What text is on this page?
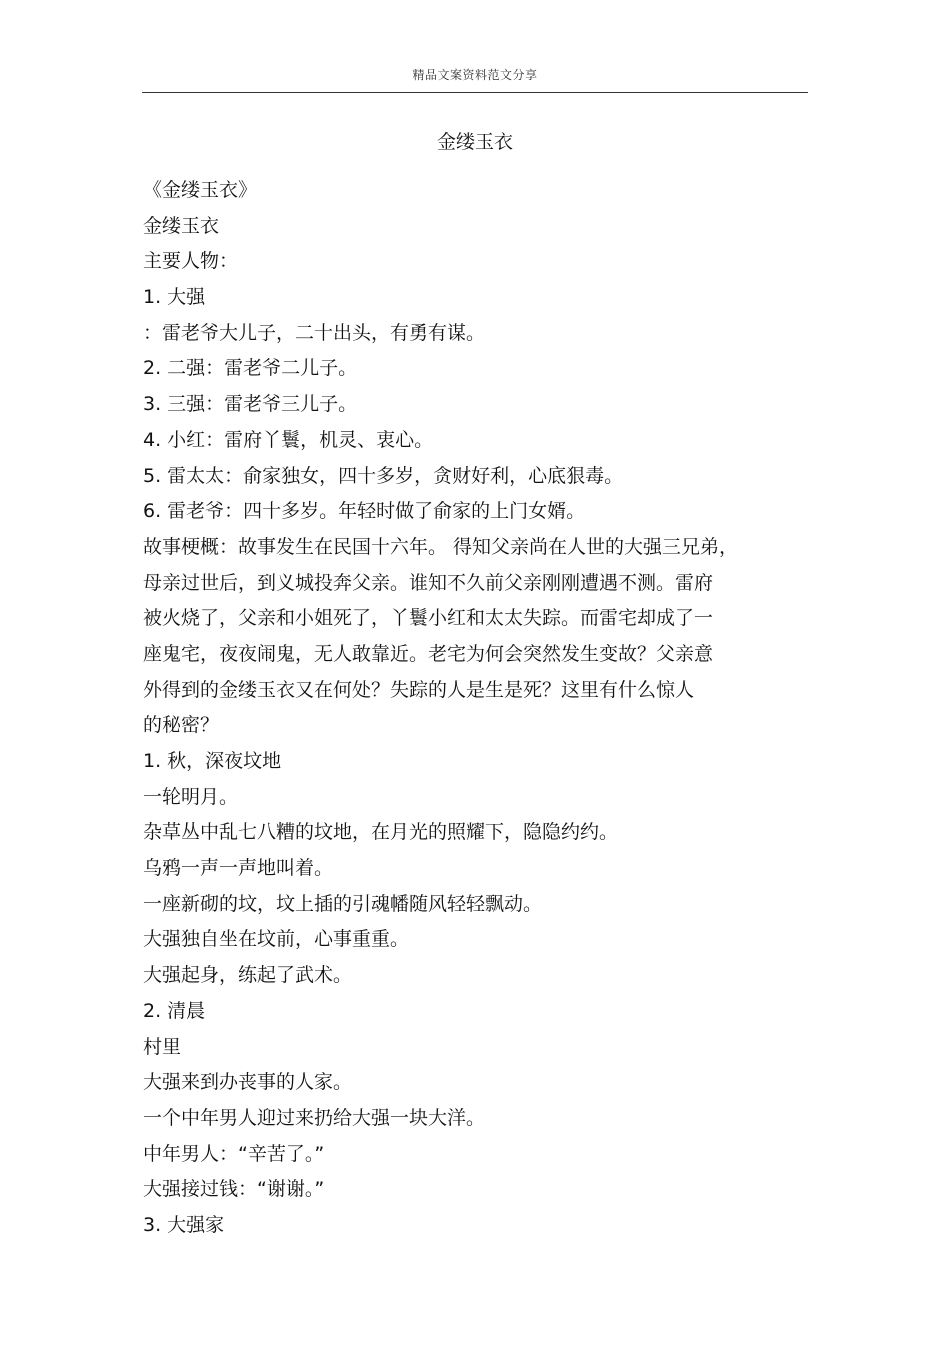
精品文案资料范文分享
金缕玉衣
《金缕玉衣》
金缕玉衣
主要人物：
1. 大强
：雷老爷大儿子，二十出头，有勇有谋。
2. 二强：雷老爷二儿子。
3. 三强：雷老爷三儿子。
4. 小红：雷府丫鬟，机灵、衷心。
5. 雷太太：俞家独女，四十多岁，贪财好利，心底狠毒。
6. 雷老爷：四十多岁。年轻时做了俞家的上门女婿。
故事梗概：故事发生在民国十六年。 得知父亲尚在人世的大强三兄弟，
母亲过世后，到义城投奔父亲。谁知不久前父亲刚刚遭遇不测。雷府
被火烧了，父亲和小姐死了，丫鬟小红和太太失踪。而雷宅却成了一
座鬼宅，夜夜闹鬼，无人敢靠近。老宅为何会突然发生变故？父亲意
外得到的金缕玉衣又在何处？失踪的人是生是死？这里有什么惊人
的秘密？
1. 秋，深夜坟地
一轮明月。
杂草丛中乱七八糟的坟地，在月光的照耀下，隐隐约约。
乌鸦一声一声地叫着。
一座新砌的坟，坟上插的引魂幡随风轻轻飘动。
大强独自坐在坟前，心事重重。
大强起身，练起了武术。
2. 清晨
村里
大强来到办丧事的人家。
一个中年男人迎过来扔给大强一块大洋。
中年男人：“辛苦了。”
大强接过钱：“谢谢。”
3. 大强家
